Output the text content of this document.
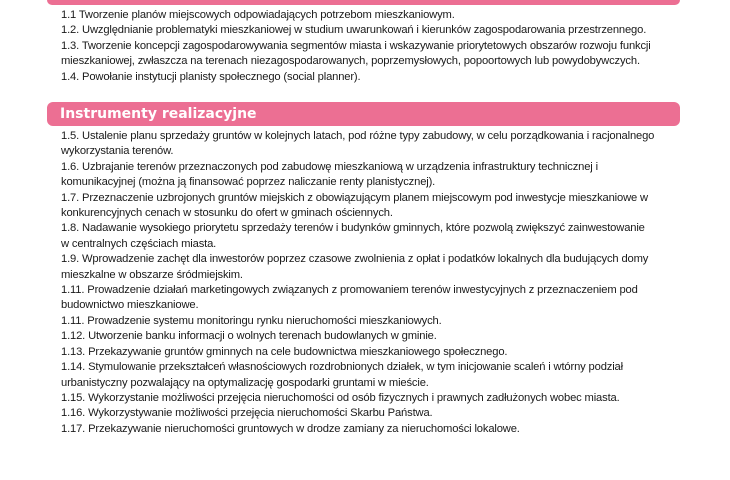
1.1 Tworzenie planów miejscowych odpowiadających potrzebom mieszkaniowym.
1.2. Uwzględnianie problematyki mieszkaniowej w studium uwarunkowań i kierunków zagospodarowania przestrzennego.
1.3. Tworzenie koncepcji zagospodarowywania segmentów miasta i wskazywanie priorytetowych obszarów rozwoju funkcji
mieszkaniowej, zwłaszcza na terenach niezagospodarowanych, poprzemysłowych, popoortowych lub powydobywczych.
1.4. Powołanie instytucji planisty społecznego (social planner).
Instrumenty realizacyjne
1.5. Ustalenie planu sprzedaży gruntów w kolejnych latach, pod różne typy zabudowy, w celu porządkowania i racjonalnego
wykorzystania terenów.
1.6. Uzbrajanie terenów przeznaczonych pod zabudowę mieszkaniową w urządzenia infrastruktury technicznej i
komunikacyjnej (można ją finansować poprzez naliczanie renty planistycznej).
1.7. Przeznaczenie uzbrojonych gruntów miejskich z obowiązującym planem miejscowym pod inwestycje mieszkaniowe w
konkurencyjnych cenach w stosunku do ofert w gminach ościennych.
1.8. Nadawanie wysokiego priorytetu sprzedaży terenów i budynków gminnych, które pozwolą zwiększyć zainwestowanie
w centralnych częściach miasta.
1.9. Wprowadzenie zachęt dla inwestorów poprzez czasowe zwolnienia z opłat i podatków lokalnych dla budujących domy
mieszkalne w obszarze śródmiejskim.
1.11. Prowadzenie działań marketingowych związanych z promowaniem terenów inwestycyjnych z przeznaczeniem pod
budownictwo mieszkaniowe.
1.11. Prowadzenie systemu monitoringu rynku nieruchomości mieszkaniowych.
1.12. Utworzenie banku informacji o wolnych terenach budowlanych w gminie.
1.13. Przekazywanie gruntów gminnych na cele budownictwa mieszkaniowego społecznego.
1.14. Stymulowanie przekształceń własnościowych rozdrobnionych działek, w tym inicjowanie scaleń i wtórny podział
urbanistyczny pozwalający na optymalizację gospodarki gruntami w mieście.
1.15. Wykorzystanie możliwości przejęcia nieruchomości od osób fizycznych i prawnych zadłużonych wobec miasta.
1.16. Wykorzystywanie możliwości przejęcia nieruchomości Skarbu Państwa.
1.17. Przekazywanie nieruchomości gruntowych w drodze zamiany za nieruchomości lokalowe.
